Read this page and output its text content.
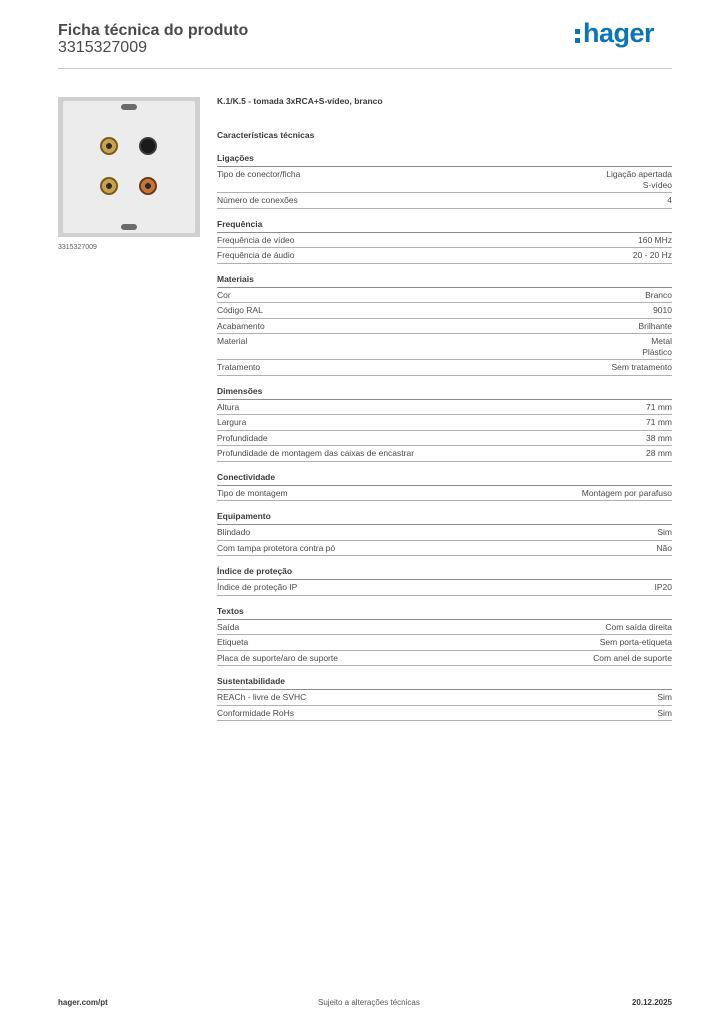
Ficha técnica do produto
3315327009	hager
3315327009
K.1/K.5 - tomada 3xRCA+S-vídeo, branco
Características técnicas
Ligações
Tipo de conector/ficha	Ligação apertada
S-vídeo
Número de conexões	4
Frequência
Frequência de vídeo	160 MHz
Frequência de áudio	20 - 20 Hz
Materiais
Cor	Branco
Código RAL	9010
Acabamento	Brilhante
Material	Metal
Plástico
Tratamento	Sem tratamento
Dimensões
Altura	71 mm
Largura	71 mm
Profundidade	38 mm
Profundidade de montagem das caixas de encastrar	28 mm
Conectividade
Tipo de montagem	Montagem por parafuso
Equipamento
Blindado	Sim
Com tampa protetora contra pó	Não
Índice de proteção
Índice de proteção IP	IP20
Textos
Saída	Com saída direita
Etiqueta	Sem porta-etiqueta
Placa de suporte/aro de suporte	Com anel de suporte
Sustentabilidade
REACh - livre de SVHC	Sim
Conformidade RoHs	Sim
hager.com/pt	Sujeito a alterações técnicas	20.12.2025
